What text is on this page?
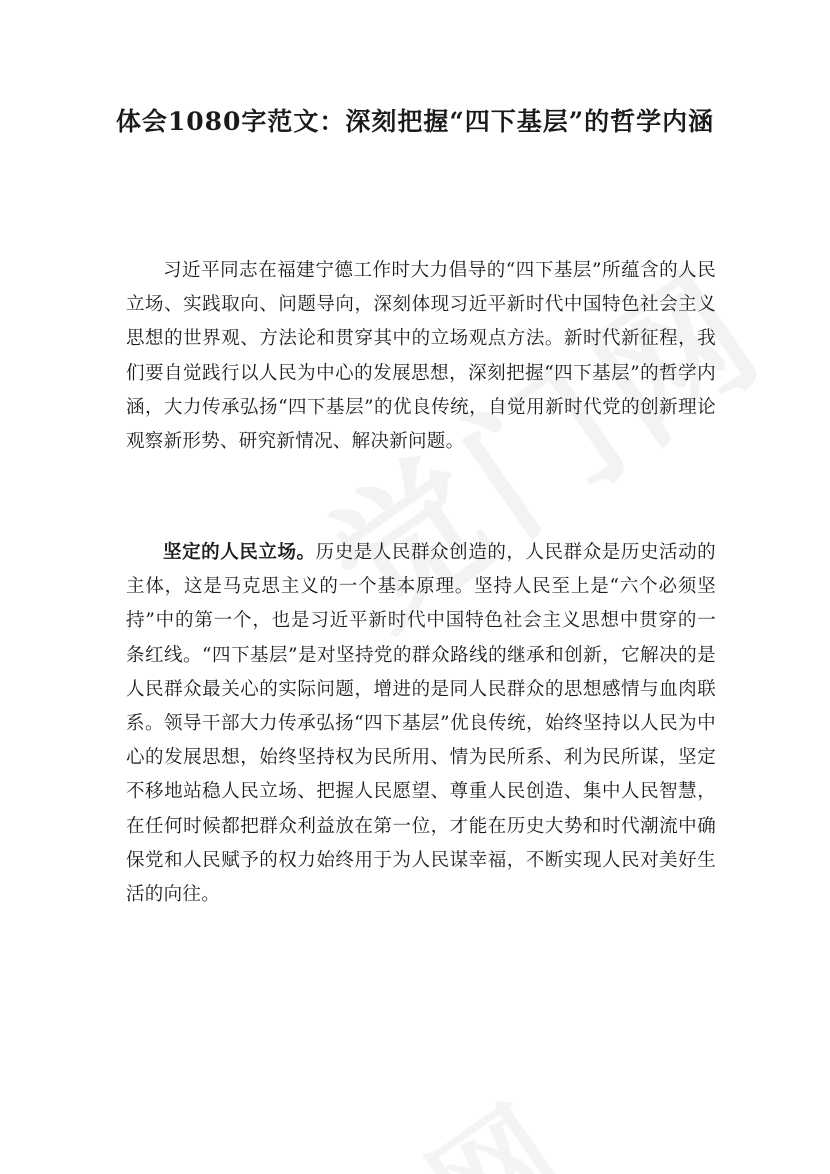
体会1080字范文：深刻把握“四下基层”的哲学内涵

习近平同志在福建宁德工作时大力倡导的“四下基层”所蕴含的人民立场、实践取向、问题导向，深刻体现习近平新时代中国特色社会主义思想的世界观、方法论和贯穿其中的立场观点方法。新时代新征程，我们要自觉践行以人民为中心的发展思想，深刻把握“四下基层”的哲学内涵，大力传承弘扬“四下基层”的优良传统，自觉用新时代党的创新理论观察新形势、研究新情况、解决新问题。

坚定的人民立场。历史是人民群众创造的，人民群众是历史活动的主体，这是马克思主义的一个基本原理。坚持人民至上是“六个必须坚持”中的第一个，也是习近平新时代中国特色社会主义思想中贯穿的一条红线。“四下基层”是对坚持党的群众路线的继承和创新，它解决的是人民群众最关心的实际问题，增进的是同人民群众的思想感情与血肉联系。领导干部大力传承弘扬“四下基层”优良传统，始终坚持以人民为中心的发展思想，始终坚持权为民所用、情为民所系、利为民所谋，坚定不移地站稳人民立场、把握人民愿望、尊重人民创造、集中人民智慧，在任何时候都把群众利益放在第一位，才能在历史大势和时代潮流中确保党和人民赋予的权力始终用于为人民谋幸福，不断实现人民对美好生活的向往。
